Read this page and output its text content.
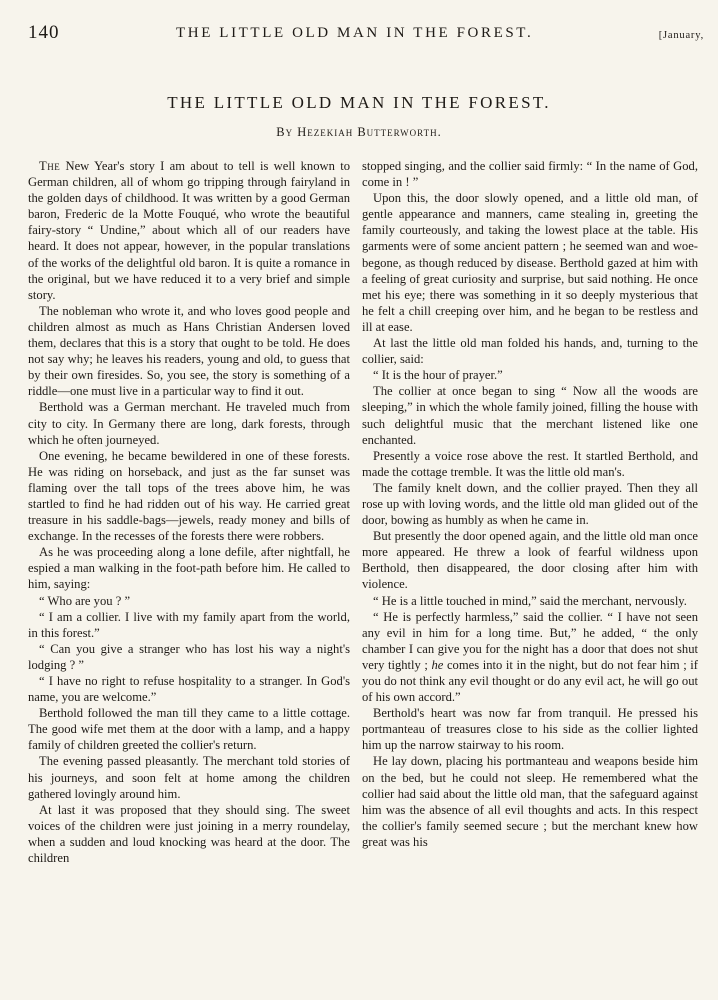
140	THE LITTLE OLD MAN IN THE FOREST.	[January,
THE LITTLE OLD MAN IN THE FOREST.
By Hezekiah Butterworth.

The New Year's story I am about to tell is well known to German children, all of whom go tripping through fairyland in the golden days of childhood. It was written by a good German baron, Frederic de la Motte Fouqué, who wrote the beautiful fairy-story “ Undine,” about which all of our readers have heard. It does not appear, however, in the popular translations of the works of the delightful old baron. It is quite a romance in the original, but we have reduced it to a very brief and simple story.

The nobleman who wrote it, and who loves good people and children almost as much as Hans Christian Andersen loved them, declares that this is a story that ought to be told. He does not say why; he leaves his readers, young and old, to guess that by their own firesides. So, you see, the story is something of a riddle—one must live in a particular way to find it out.

Berthold was a German merchant. He traveled much from city to city. In Germany there are long, dark forests, through which he often journeyed.

One evening, he became bewildered in one of these forests. He was riding on horseback, and just as the far sunset was flaming over the tall tops of the trees above him, he was startled to find he had ridden out of his way. He carried great treasure in his saddle-bags—jewels, ready money and bills of exchange. In the recesses of the forests there were robbers.

As he was proceeding along a lone defile, after nightfall, he espied a man walking in the foot-path before him. He called to him, saying:

“ Who are you ? ”

“ I am a collier. I live with my family apart from the world, in this forest.”

“ Can you give a stranger who has lost his way a night's lodging ? ”

“ I have no right to refuse hospitality to a stranger. In God's name, you are welcome.”

Berthold followed the man till they came to a little cottage. The good wife met them at the door with a lamp, and a happy family of children greeted the collier's return.

The evening passed pleasantly. The merchant told stories of his journeys, and soon felt at home among the children gathered lovingly around him.

At last it was proposed that they should sing. The sweet voices of the children were just joining in a merry roundelay, when a sudden and loud knocking was heard at the door. The children

stopped singing, and the collier said firmly: “ In the name of God, come in ! ”

Upon this, the door slowly opened, and a little old man, of gentle appearance and manners, came stealing in, greeting the family courteously, and taking the lowest place at the table. His garments were of some ancient pattern ; he seemed wan and woe-begone, as though reduced by disease. Berthold gazed at him with a feeling of great curiosity and surprise, but said nothing. He once met his eye; there was something in it so deeply mysterious that he felt a chill creeping over him, and he began to be restless and ill at ease.

At last the little old man folded his hands, and, turning to the collier, said:

“ It is the hour of prayer.”

The collier at once began to sing “ Now all the woods are sleeping,” in which the whole family joined, filling the house with such delightful music that the merchant listened like one enchanted.

Presently a voice rose above the rest. It startled Berthold, and made the cottage tremble. It was the little old man's.

The family knelt down, and the collier prayed. Then they all rose up with loving words, and the little old man glided out of the door, bowing as humbly as when he came in.

But presently the door opened again, and the little old man once more appeared. He threw a look of fearful wildness upon Berthold, then disappeared, the door closing after him with violence.

“ He is a little touched in mind,” said the merchant, nervously.

“ He is perfectly harmless,” said the collier. “ I have not seen any evil in him for a long time. But,” he added, “ the only chamber I can give you for the night has a door that does not shut very tightly ; he comes into it in the night, but do not fear him ; if you do not think any evil thought or do any evil act, he will go out of his own accord.”

Berthold's heart was now far from tranquil. He pressed his portmanteau of treasures close to his side as the collier lighted him up the narrow stairway to his room.

He lay down, placing his portmanteau and weapons beside him on the bed, but he could not sleep. He remembered what the collier had said about the little old man, that the safeguard against him was the absence of all evil thoughts and acts. In this respect the collier's family seemed secure ; but the merchant knew how great was his
